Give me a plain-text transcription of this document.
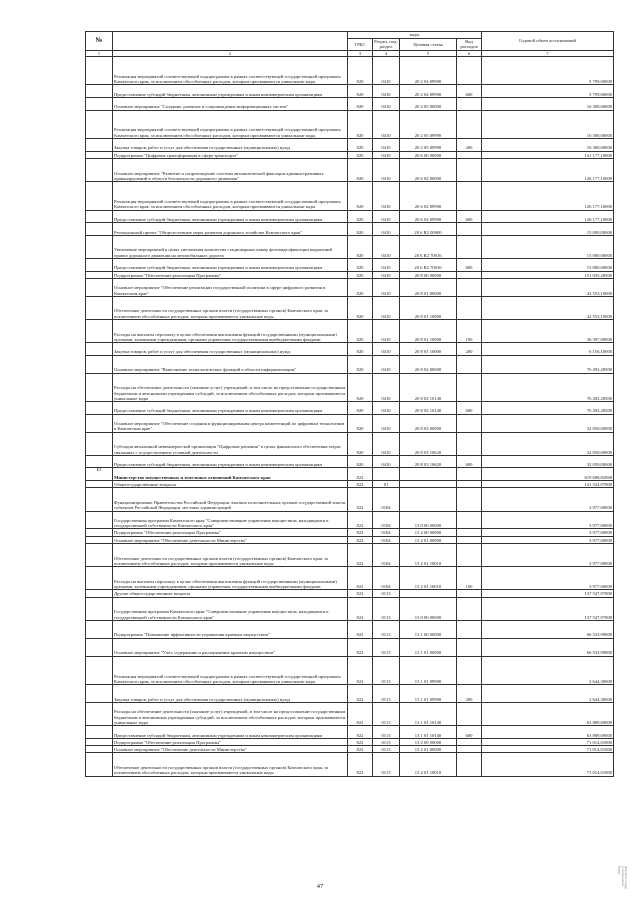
№		коды				Годовой объем ассигнований
		ГРБС	Раздел, под- раздел	Целевая статья	Вид расходов	
1	2	3	4	5	6	7
	Реализация мероприятий соответствующей подпрограммы в рамках соответствующей государственной программы Камчатского края, за исключением обособленных расходов, которым присваиваются уникальные коды	820	0410	20 2 04 09990		5 799,00000
	Предоставление субсидий бюджетным, автономным учреждениям и иным некоммерческим организациям	820	0410	20 2 04 09990	600	5 799,00000
	Основное мероприятие "Создание, развитие и сопровождение информационных систем"	820	0410	20 2 05 00000		16 300,00000
	Реализация мероприятий соответствующей подпрограммы в рамках соответствующей государственной программы Камчатского края, за исключением обособленных расходов, которым присваиваются уникальные коды	820	0410	20 2 05 09990		16 300,00000
	Закупка товаров, работ и услуг для обеспечения государственных (муниципальных) нужд	820	0410	20 2 05 09990	200	16 300,00000
	Подпрограмма "Цифровая трансформация в сфере транспорта"	820	0410	20 6 00 00000		141 177,10000
	Основное мероприятие "Развитие и сопровождение системы автоматической фиксации административных правонарушений в области безопасности дорожного движения"	820	0410	20 6 02 00000		126 177,10000
	Реализация мероприятий соответствующей подпрограммы в рамках соответствующей государственной программы Камчатского края, за исключением обособленных расходов, которым присваиваются уникальные коды	820	0410	20 6 02 09990		126 177,10000
	Предоставление субсидий бюджетным, автономным учреждениям и иным некоммерческим организациям	820	0410	20 6 02 09990	600	126 177,10000
	Региональный проект "Общесистемные меры развития дорожного хозяйства Камчатского края"	820	0410	20 6 R2 00000		15 000,00000
	Увеличение мероприятий в целях увеличения количества стационарных камер фотовидеофиксации нарушений правил дорожного движения на автомобильных дорогах	820	0410	20 6 R2 70016		15 000,00000
	Предоставление субсидий бюджетным, автономным учреждениям и иным некоммерческим организациям	820	0410	20 6 R2 70016	600	15 000,00000
	Подпрограмма "Обеспечение реализации Программы"	820	0410	20 8 00 00000		151 035,28500
	Основное мероприятие "Обеспечение реализации государственной политики в сфере цифрового развития в Камчатском крае"	820	0410	20 8 01 00000		42 553,10000
	Обеспечение деятельности государственных органов власти (государственных органов) Камчатского края, за исключением обособленных расходов, которым присваиваются уникальные коды	820	0410	20 8 01 10000		42 553,10000
	Расходы на выплаты персоналу в целях обеспечения выполнения функций государственными (муниципальными) органами, казенными учреждениями, органами управления государственными внебюджетными фондами	820	0410	20 8 01 10000	100	36 397,00000
	Закупка товаров, работ и услуг для обеспечения государственных (муниципальных) нужд	820	0410	20 8 01 10000	200	6 156,10000
	Основное мероприятие "Выполнение технологических функций в области информатизации"	820	0410	20 8 02 00000		76 492,28500
	Расходы на обеспечение деятельности (оказание услуг) учреждений, в том числе на предоставление государственным бюджетным и автономным учреждениям субсидий, за исключением обособленных расходов, которым присваиваются уникальные коды	820	0410	20 8 02 10140		76 492,28500
	Предоставление субсидий бюджетным, автономным учреждениям и иным некоммерческим организациям	820	0410	20 8 02 10140	600	76 492,28500
	Основное мероприятие "Обеспечение создания и функционирования центра компетенций по цифровым технологиям в Камчатском крае"	820	0410	20 8 03 00000		32 050,00000
	Субсидия автономной некоммерческой организации "Цифровые решения" в целях финансового обеспечения затрат, связанных с осуществлением уставной деятельности	820	0410	20 8 03 10620		32 050,00000
	Предоставление субсидий бюджетным, автономным учреждениям и иным некоммерческим организациям	820	0410	20 8 03 10620	600	32 050,00000
17	Министерство имущественных и земельных отношений Камчатского края	822				619 688,82968
	Общегосударственные вопросы	822	01			141 524,97000
	Функционирование Правительства Российской Федерации, высших исполнительных органов государственной власти субъектов Российской Федерации, местных администраций	822	0104			3 977,00000
	Государственная программа Камчатского края "Совершенствование управления имуществом, находящимся в государственной собственности Камчатского края"	822	0104	13 0 00 00000		3 977,00000
	Подпрограмма "Обеспечение реализации Программы"	822	0104	13 2 00 00000		3 977,00000
	Основное мероприятие "Обеспечение деятельности Министерства"	822	0104	13 2 01 00000		3 977,00000
	Обеспечение деятельности государственных органов власти (государственных органов) Камчатского края, за исключением обособленных расходов, которым присваиваются уникальные коды	822	0104	13 2 01 10010		3 977,00000
	Расходы на выплаты персоналу в целях обеспечения выполнения функций государственными (муниципальными) органами, казенными учреждениями, органами управления государственными внебюджетными фондами	822	0104	13 2 01 10010	100	3 977,00000
	Другие общегосударственные вопросы	822	0113			137 547,97000
	Государственная программа Камчатского края "Совершенствование управления имуществом, находящимся в государственной собственности Камчатского края"	822	0113	13 0 00 00000		137 547,97000
	Подпрограмма "Повышение эффективности управления краевым имуществом"	822	0113	13 1 00 00000		66 533,99000
	Основное мероприятие "Учет, содержание и распоряжение краевым имуществом"	822	0113	13 1 01 00000		66 533,99000
	Реализация мероприятий соответствующей подпрограммы в рамках соответствующей государственной программы Камчатского края, за исключением обособленных расходов, которым присваиваются уникальные коды	822	0113	13 1 01 09990		2 644,30000
	Закупка товаров, работ и услуг для обеспечения государственных (муниципальных) нужд	822	0113	13 1 01 09990	200	2 644,30000
	Расходы на обеспечение деятельности (оказание услуг) учреждений, в том числе на предоставление государственным бюджетным и автономным учреждениям субсидий, за исключением обособленных расходов, которым присваиваются уникальные коды	822	0113	13 1 01 10140		63 889,69000
	Предоставление субсидий бюджетным, автономным учреждениям и иным некоммерческим организациям	822	0113	13 1 01 10140	600	63 889,69000
	Подпрограмма "Обеспечение реализации Программы"	822	0113	13 2 00 00000		71 014,01000
	Основное мероприятие "Обеспечение деятельности Министерства"	822	0113	13 2 01 00000		71 014,01000
	Обеспечение деятельности государственных органов власти (государственных органов) Камчатского края, за исключением обособленных расходов, которым присваиваются уникальные коды	822	0113	13 2 01 10010		71 014,01000
47	Документ создан в электронной форме
